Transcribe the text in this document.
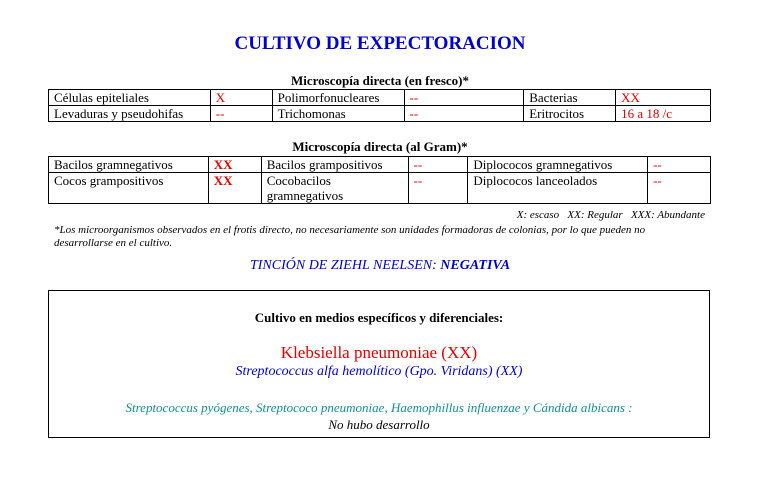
CULTIVO DE EXPECTORACION
Microscopía directa (en fresco)*
Células epiteliales	X	Polimorfonucleares	--	Bacterias	XX
Levaduras y pseudohifas	--	Trichomonas	--	Eritrocitos	16 a 18 /c
Microscopía directa (al Gram)*
Bacilos gramnegativos	XX	Bacilos grampositivos	--	Diplococos gramnegativos	--
Cocos grampositivos	XX	Cocobacilos gramnegativos	--	Diplococos lanceolados	--
X: escaso   XX: Regular   XXX: Abundante
*Los microorganismos observados en el frotis directo, no necesariamente son unidades formadoras de colonias, por lo que pueden no desarrollarse en el cultivo.
TINCIÓN DE ZIEHL NEELSEN: NEGATIVA
Cultivo en medios específicos y diferenciales:
Klebsiella pneumoniae (XX)
Streptococcus alfa hemolítico (Gpo. Viridans) (XX)
Streptococcus pyógenes, Streptococo pneumoniae, Haemophillus influenzae y Cándida albicans :
No hubo desarrollo
